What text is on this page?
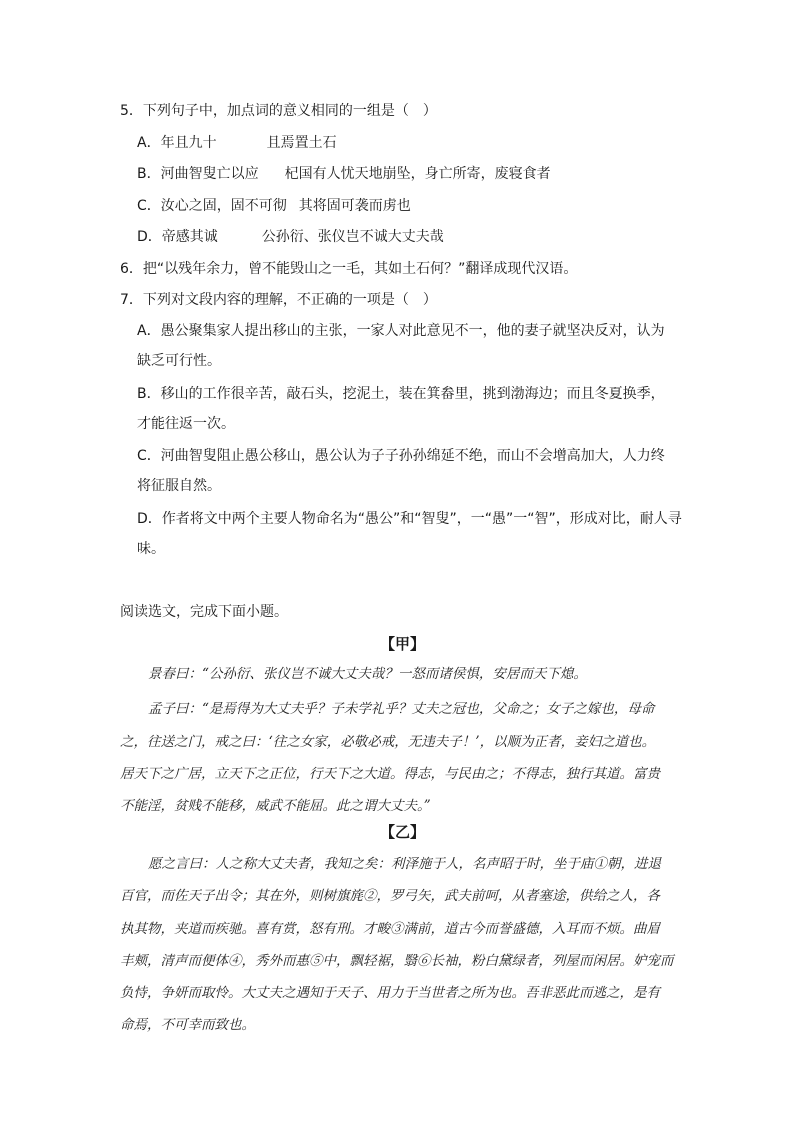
5．下列句子中，加点词的意义相同的一组是（　）
A．年且九十	且焉置土石
B．河曲智叟亡以应 杞国有人忧天地崩坠，身亡所寄，废寝食者
C．汝心之固，固不可彻 其将固可袭而虏也
D．帝感其诚	公孙衍、张仪岂不诚大丈夫哉
6．把“以残年余力，曾不能毁山之一毛，其如土石何？”翻译成现代汉语。
7．下列对文段内容的理解，不正确的一项是（　）
A．愚公聚集家人提出移山的主张，一家人对此意见不一，他的妻子就坚决反对，认为
缺乏可行性。
B．移山的工作很辛苦，敲石头，挖泥土，装在箕畚里，挑到渤海边；而且冬夏换季，
才能往返一次。
C．河曲智叟阻止愚公移山，愚公认为子子孙孙绵延不绝，而山不会增高加大，人力终
将征服自然。
D．作者将文中两个主要人物命名为“愚公”和“智叟”，一“愚”一“智”，形成对比，耐人寻
味。
阅读选文，完成下面小题。
【甲】
景春曰：“公孙衍、张仪岂不诚大丈夫哉？一怒而诸侯惧，安居而天下熄。
孟子曰：“是焉得为大丈夫乎？子未学礼乎？丈夫之冠也，父命之；女子之嫁也，母命
之，往送之门，戒之曰：‘往之女家，必敬必戒，无违夫子！’，以顺为正者，妾妇之道也。
居天下之广居，立天下之正位，行天下之大道。得志，与民由之；不得志，独行其道。富贵
不能淫，贫贱不能移，威武不能屈。此之谓大丈夫。”
【乙】
愿之言曰：人之称大丈夫者，我知之矣：利泽施于人，名声昭于时，坐于庙①朝，进退
百官，而佐天子出令；其在外，则树旗旄②，罗弓矢，武夫前呵，从者塞途，供给之人，各
执其物，夹道而疾驰。喜有赏，怒有刑。才畯③满前，道古今而誉盛德，入耳而不烦。曲眉
丰颊，清声而便体④，秀外而惠⑤中，飘轻裾，翳⑥长袖，粉白黛绿者，列屋而闲居。妒宠而
负恃，争妍而取怜。大丈夫之遇知于天子、用力于当世者之所为也。吾非恶此而逃之，是有
命焉，不可幸而致也。
